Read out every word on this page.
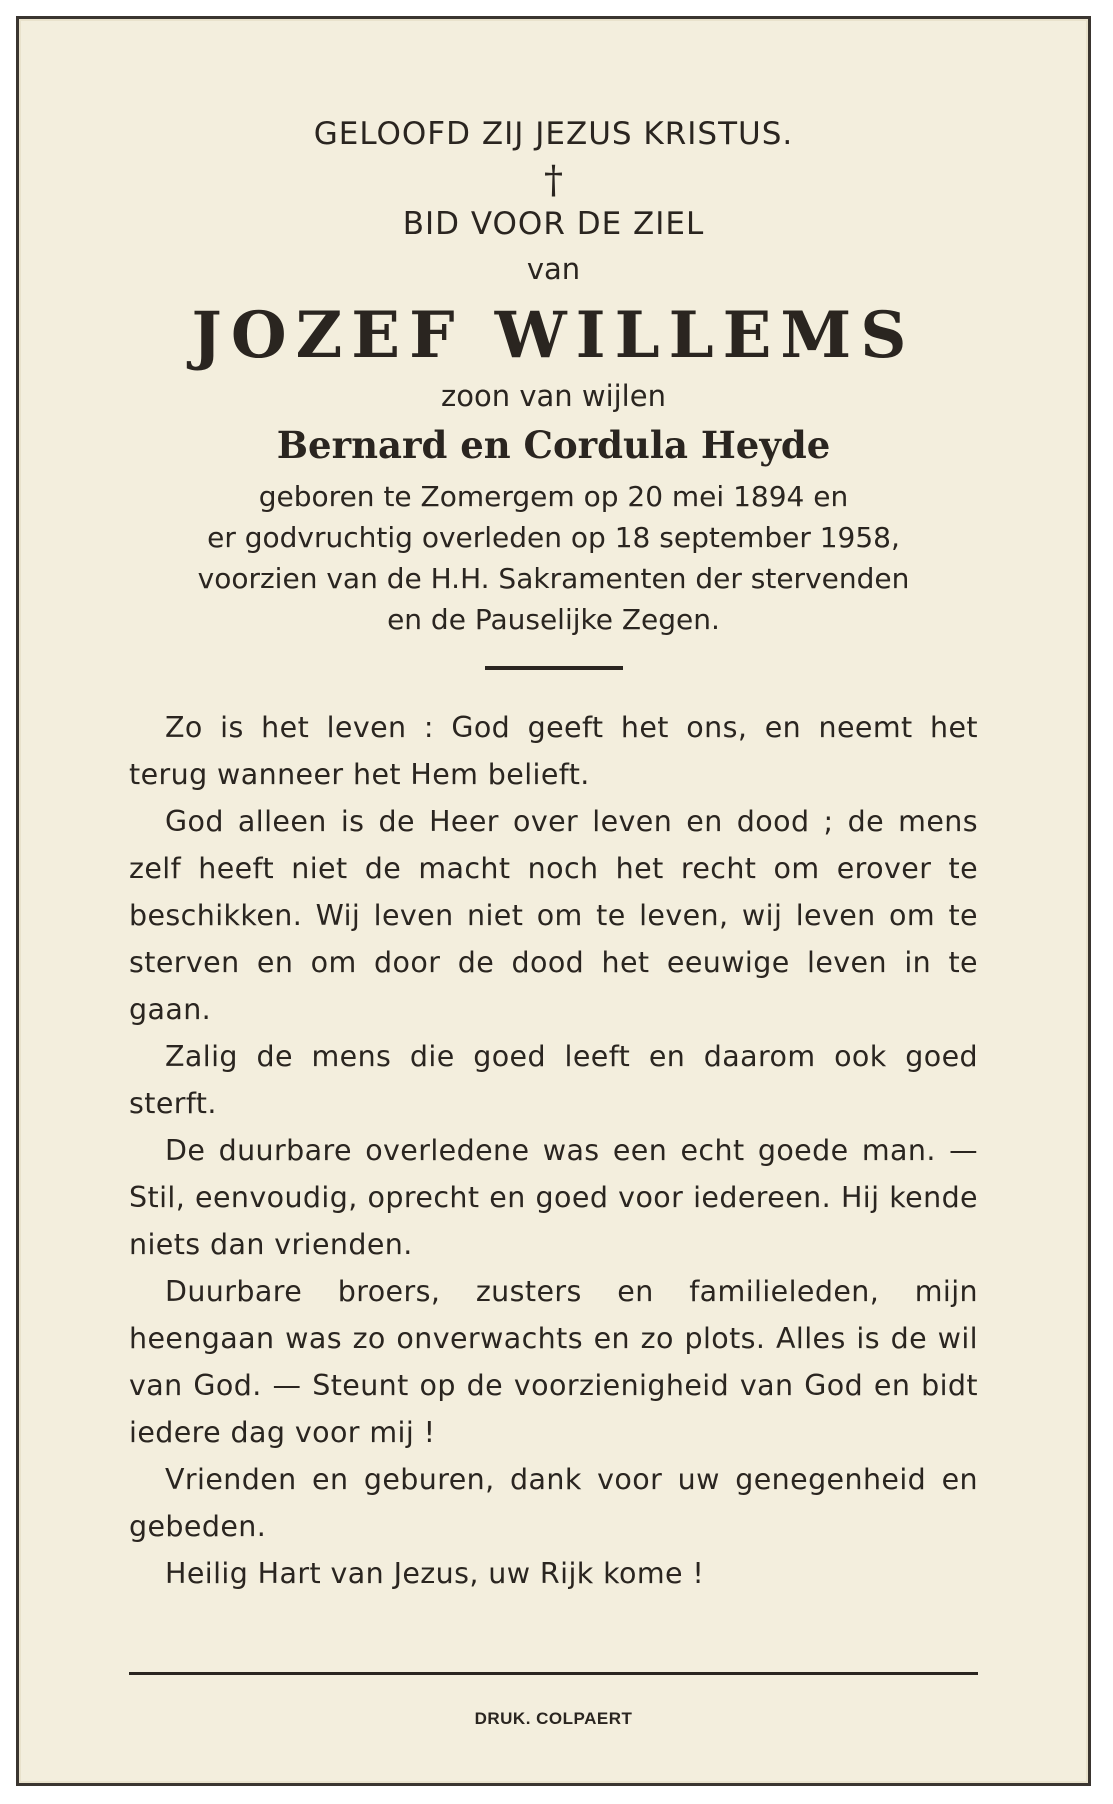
GELOOFD ZIJ JEZUS KRISTUS.
†
BID VOOR DE ZIEL
van
JOZEF WILLEMS
zoon van wijlen
Bernard en Cordula Heyde
geboren te Zomergem op 20 mei 1894 en
er godvruchtig overleden op 18 september 1958,
voorzien van de H.H. Sakramenten der stervenden
en de Pauselijke Zegen.

Zo is het leven : God geeft het ons, en neemt het terug wanneer het Hem belieft.

God alleen is de Heer over leven en dood ; de mens zelf heeft niet de macht noch het recht om erover te beschikken. Wij leven niet om te leven, wij leven om te sterven en om door de dood het eeuwige leven in te gaan.

Zalig de mens die goed leeft en daarom ook goed sterft.

De duurbare overledene was een echt goede man. — Stil, eenvoudig, oprecht en goed voor iedereen. Hij kende niets dan vrienden.

Duurbare broers, zusters en familieleden, mijn heengaan was zo onverwachts en zo plots. Alles is de wil van God. — Steunt op de voorzienigheid van God en bidt iedere dag voor mij !

Vrienden en geburen, dank voor uw genegenheid en gebeden.

Heilig Hart van Jezus, uw Rijk kome !

DRUK. COLPAERT
